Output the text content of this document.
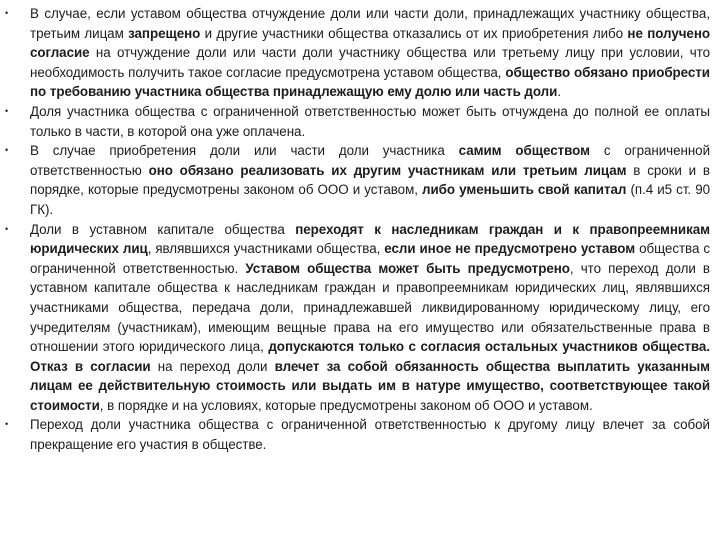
• В случае, если уставом общества отчуждение доли или части доли, принадлежащих участнику общества, третьим лицам запрещено и другие участники общества отказались от их приобретения либо не получено согласие на отчуждение доли или части доли участнику общества или третьему лицу при условии, что необходимость получить такое согласие предусмотрена уставом общества, общество обязано приобрести по требованию участника общества принадлежащую ему долю или часть доли.
• Доля участника общества с ограниченной ответственностью может быть отчуждена до полной ее оплаты только в части, в которой она уже оплачена.
• В случае приобретения доли или части доли участника самим обществом с ограниченной ответственностью оно обязано реализовать их другим участникам или третьим лицам в сроки и в порядке, которые предусмотрены законом об ООО и уставом, либо уменьшить свой капитал (п.4 и5 ст. 90 ГК).
• Доли в уставном капитале общества переходят к наследникам граждан и к правопреемникам юридических лиц, являвшихся участниками общества, если иное не предусмотрено уставом общества с ограниченной ответственностью. Уставом общества может быть предусмотрено, что переход доли в уставном капитале общества к наследникам граждан и правопреемникам юридических лиц, являвшихся участниками общества, передача доли, принадлежавшей ликвидированному юридическому лицу, его учредителям (участникам), имеющим вещные права на его имущество или обязательственные права в отношении этого юридического лица, допускаются только с согласия остальных участников общества. Отказ в согласии на переход доли влечет за собой обязанность общества выплатить указанным лицам ее действительную стоимость или выдать им в натуре имущество, соответствующее такой стоимости, в порядке и на условиях, которые предусмотрены законом об ООО и уставом.
• Переход доли участника общества с ограниченной ответственностью к другому лицу влечет за собой прекращение его участия в обществе.
